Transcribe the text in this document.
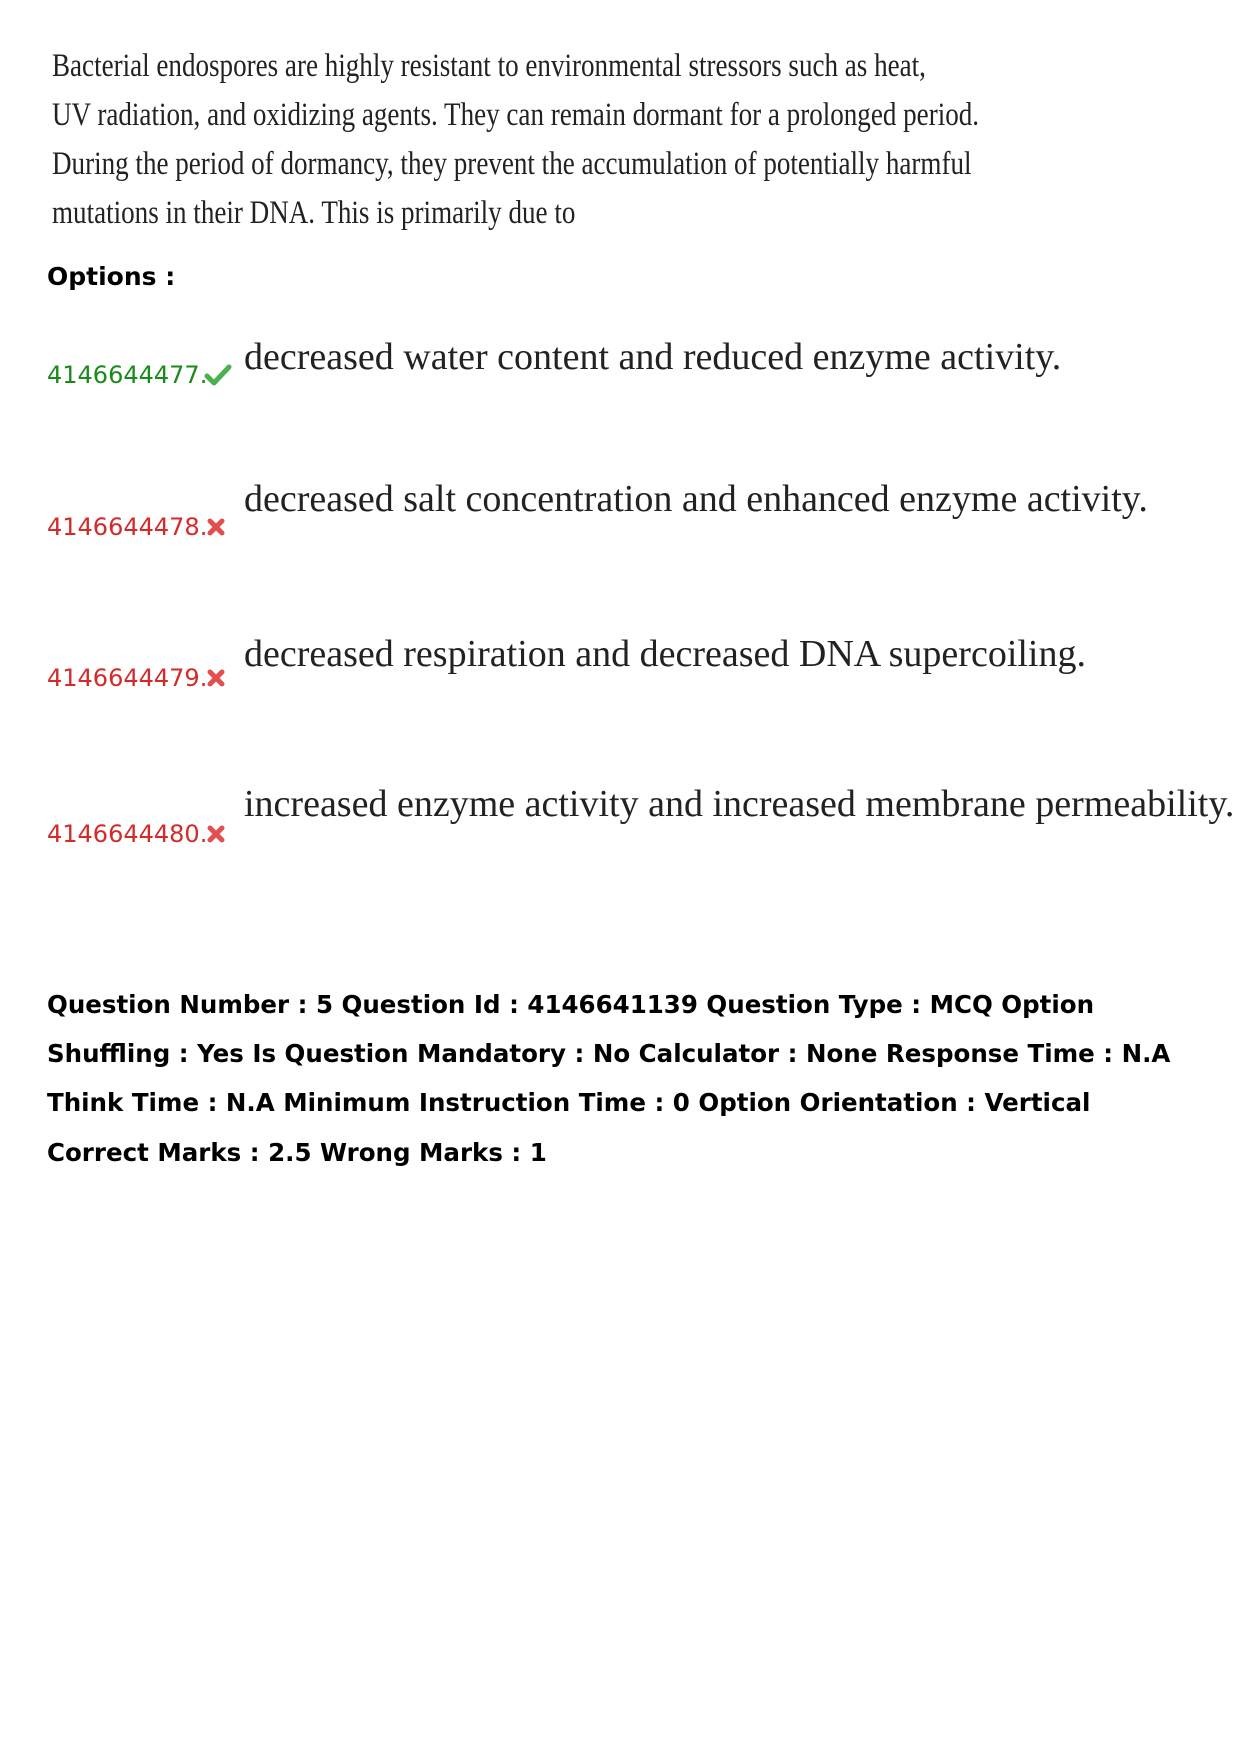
Bacterial endospores are highly resistant to environmental stressors such as heat,
UV radiation, and oxidizing agents. They can remain dormant for a prolonged period.
During the period of dormancy, they prevent the accumulation of potentially harmful
mutations in their DNA. This is primarily due to
Options :
4146644477. decreased water content and reduced enzyme activity.
4146644478.
decreased salt concentration and enhanced enzyme activity.
4146644479.
decreased respiration and decreased DNA supercoiling.
4146644480.
increased enzyme activity and increased membrane permeability.
Question Number : 5 Question Id : 4146641139 Question Type : MCQ Option Shuffling : Yes Is Question Mandatory : No Calculator : None Response Time : N.A Think Time : N.A Minimum Instruction Time : 0 Option Orientation : Vertical
Correct Marks : 2.5 Wrong Marks : 1
